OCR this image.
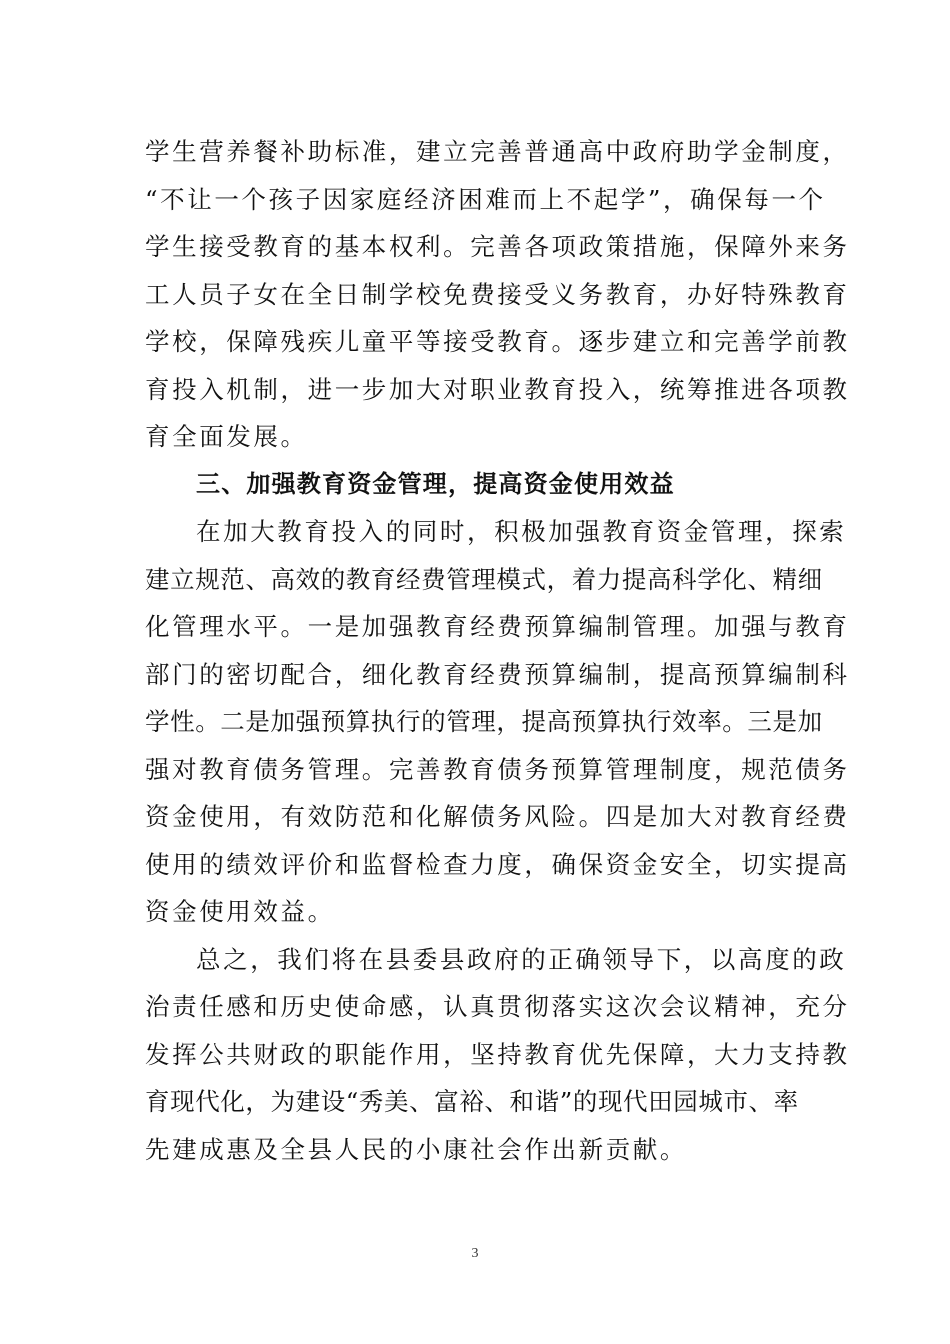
学生营养餐补助标准，建立完善普通高中政府助学金制度，
“不让一个孩子因家庭经济困难而上不起学”，确保每一个
学生接受教育的基本权利。完善各项政策措施，保障外来务
工人员子女在全日制学校免费接受义务教育，办好特殊教育
学校，保障残疾儿童平等接受教育。逐步建立和完善学前教
育投入机制，进一步加大对职业教育投入，统筹推进各项教
育全面发展。
三、加强教育资金管理，提高资金使用效益
在加大教育投入的同时，积极加强教育资金管理，探索
建立规范、高效的教育经费管理模式，着力提高科学化、精细
化管理水平。一是加强教育经费预算编制管理。加强与教育
部门的密切配合，细化教育经费预算编制，提高预算编制科
学性。二是加强预算执行的管理，提高预算执行效率。三是加
强对教育债务管理。完善教育债务预算管理制度，规范债务
资金使用，有效防范和化解债务风险。四是加大对教育经费
使用的绩效评价和监督检查力度，确保资金安全，切实提高
资金使用效益。
总之，我们将在县委县政府的正确领导下，以高度的政
治责任感和历史使命感，认真贯彻落实这次会议精神，充分
发挥公共财政的职能作用，坚持教育优先保障，大力支持教
育现代化，为建设“秀美、富裕、和谐”的现代田园城市、率
先建成惠及全县人民的小康社会作出新贡献。
3
